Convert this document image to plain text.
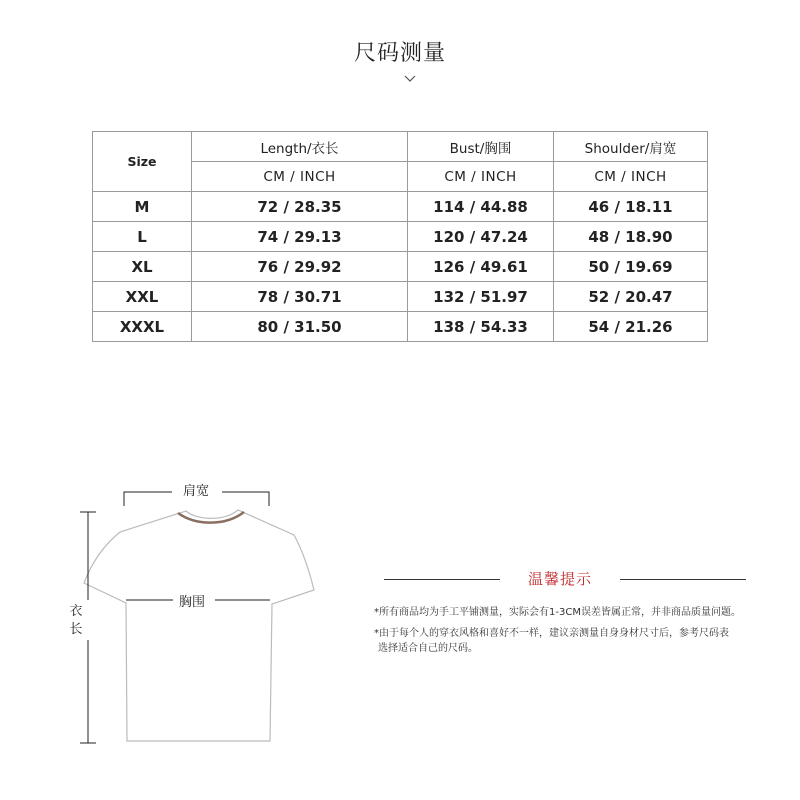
尺码测量
Size	Length/衣长	Bust/胸围	Shoulder/肩宽
	CM / INCH	CM / INCH	CM / INCH
M	72 / 28.35	114 / 44.88	46 / 18.11
L	74 / 29.13	120 / 47.24	48 / 18.90
XL	76 / 29.92	126 / 49.61	50 / 19.69
XXL	78 / 30.71	132 / 51.97	52 / 20.47
XXXL	80 / 31.50	138 / 54.33	54 / 21.26
肩宽
胸围
衣长
温馨提示
*所有商品均为手工平铺测量，实际会有1-3CM误差皆属正常，并非商品质量问题。
*由于每个人的穿衣风格和喜好不一样，建议亲测量自身身材尺寸后，参考尺码表
选择适合自己的尺码。
